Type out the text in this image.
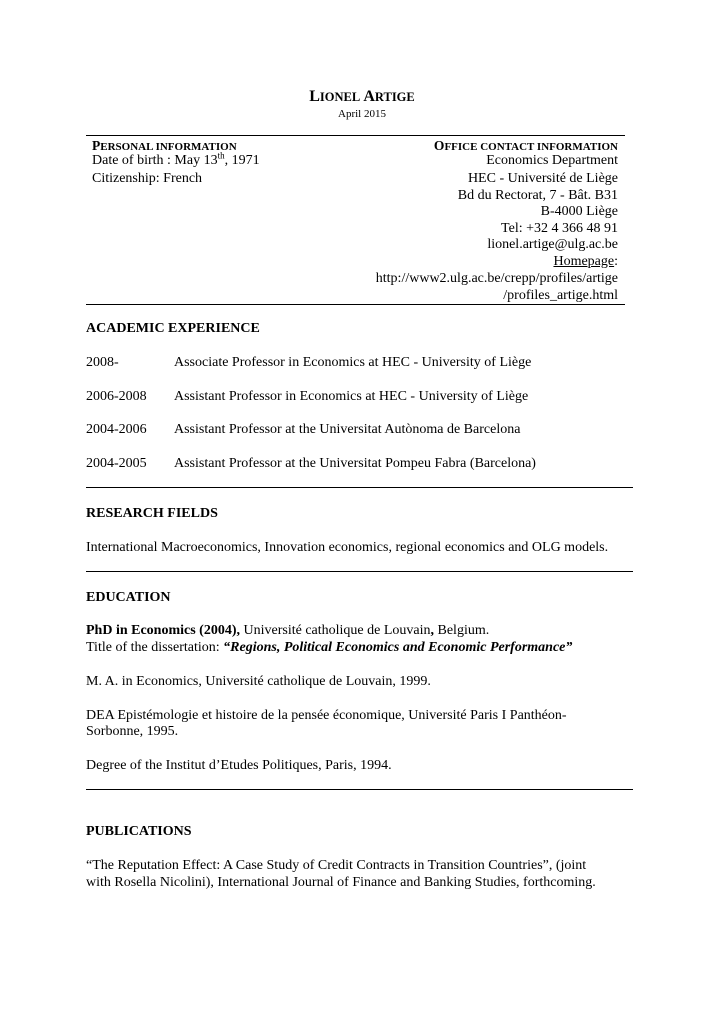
LIONEL ARTIGE
April 2015
PERSONAL INFORMATION
Date of birth : May 13th, 1971
Citizenship: French
OFFICE CONTACT INFORMATION
Economics Department
HEC - Université de Liège
Bd du Rectorat, 7 - Bât. B31
B-4000 Liège
Tel: +32 4 366 48 91
lionel.artige@ulg.ac.be
Homepage:
http://www2.ulg.ac.be/crepp/profiles/artige
/profiles_artige.html
ACADEMIC EXPERIENCE
2008-	Associate Professor in Economics at HEC - University of Liège
2006-2008 Assistant Professor in Economics at HEC - University of Liège
2004-2006 Assistant Professor at the Universitat Autònoma de Barcelona
2004-2005 Assistant Professor at the Universitat Pompeu Fabra (Barcelona)
RESEARCH FIELDS
International Macroeconomics, Innovation economics, regional economics and OLG models.
EDUCATION
PhD in Economics (2004), Université catholique de Louvain, Belgium.
Title of the dissertation: “Regions, Political Economics and Economic Performance”
M. A. in Economics, Université catholique de Louvain, 1999.
DEA Epistémologie et histoire de la pensée économique, Université Paris I Panthéon-
Sorbonne, 1995.
Degree of the Institut d’Etudes Politiques, Paris, 1994.
PUBLICATIONS
“The Reputation Effect: A Case Study of Credit Contracts in Transition Countries”, (joint
with Rosella Nicolini), International Journal of Finance and Banking Studies, forthcoming.
